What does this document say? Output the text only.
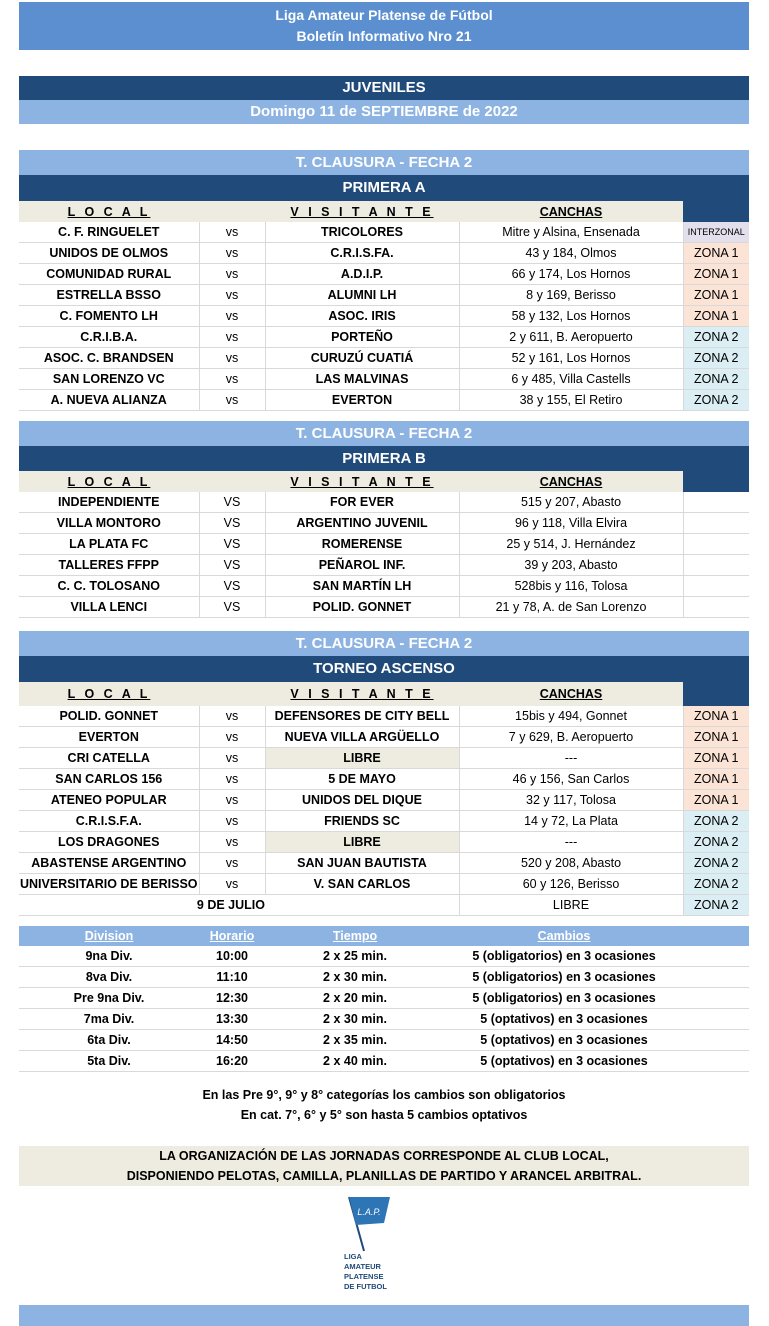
Liga Amateur Platense de Fútbol
Boletín Informativo Nro 21
JUVENILES
Domingo 11 de SEPTIEMBRE de 2022
T. CLAUSURA - FECHA 2
PRIMERA A
L O C A L		V I S I T A N T E	CANCHAS	
C. F. RINGUELET	vs	TRICOLORES	Mitre y Alsina, Ensenada	INTERZONAL
UNIDOS DE OLMOS	vs	C.R.I.S.FA.	43 y 184, Olmos	ZONA 1
COMUNIDAD RURAL	vs	A.D.I.P.	66 y 174, Los Hornos	ZONA 1
ESTRELLA BSSO	vs	ALUMNI LH	8 y 169, Berisso	ZONA 1
C. FOMENTO LH	vs	ASOC. IRIS	58 y 132, Los Hornos	ZONA 1
C.R.I.B.A.	vs	PORTEÑO	2 y 611, B. Aeropuerto	ZONA 2
ASOC. C. BRANDSEN	vs	CURUZÚ CUATIÁ	52 y 161, Los Hornos	ZONA 2
SAN LORENZO VC	vs	LAS MALVINAS	6 y 485, Villa Castells	ZONA 2
A. NUEVA ALIANZA	vs	EVERTON	38 y 155, El Retiro	ZONA 2
T. CLAUSURA - FECHA 2
PRIMERA B
L O C A L		V I S I T A N T E	CANCHAS	
INDEPENDIENTE	VS	FOR EVER	515 y 207, Abasto	
VILLA MONTORO	VS	ARGENTINO JUVENIL	96 y 118, Villa Elvira	
LA PLATA FC	VS	ROMERENSE	25 y 514, J. Hernández	
TALLERES FFPP	VS	PEÑAROL INF.	39 y 203, Abasto	
C. C. TOLOSANO	VS	SAN MARTÍN LH	528bis y 116, Tolosa	
VILLA LENCI	VS	POLID. GONNET	21 y 78, A. de San Lorenzo	
T. CLAUSURA - FECHA 2
TORNEO ASCENSO
L O C A L		V I S I T A N T E	CANCHAS	
POLID. GONNET	vs	DEFENSORES DE CITY BELL	15bis y 494, Gonnet	ZONA 1
EVERTON	vs	NUEVA VILLA ARGÜELLO	7 y 629, B. Aeropuerto	ZONA 1
CRI CATELLA	vs	LIBRE	---	ZONA 1
SAN CARLOS 156	vs	5 DE MAYO	46 y 156, San Carlos	ZONA 1
ATENEO POPULAR	vs	UNIDOS DEL DIQUE	32 y 117, Tolosa	ZONA 1
C.R.I.S.F.A.	vs	FRIENDS SC	14 y 72, La Plata	ZONA 2
LOS DRAGONES	vs	LIBRE	---	ZONA 2
ABASTENSE ARGENTINO	vs	SAN JUAN BAUTISTA	520 y 208, Abasto	ZONA 2
UNIVERSITARIO DE BERISSO	vs	V. SAN CARLOS	60 y 126, Berisso	ZONA 2
9 DE JULIO			LIBRE	ZONA 2
Division	Horario	Tiempo	Cambios	
9na Div.	10:00	2 x 25 min.	5 (obligatorios) en 3 ocasiones	
8va Div.	11:10	2 x 30 min.	5 (obligatorios) en 3 ocasiones	
Pre 9na Div.	12:30	2 x 20 min.	5 (obligatorios) en 3 ocasiones	
7ma Div.	13:30	2 x 30 min.	5 (optativos) en 3 ocasiones	
6ta Div.	14:50	2 x 35 min.	5 (optativos) en 3 ocasiones	
5ta Div.	16:20	2 x 40 min.	5 (optativos) en 3 ocasiones	
En las Pre 9°, 9° y 8° categorías los cambios son obligatorios
En cat. 7°, 6° y 5° son hasta 5 cambios optativos
LA ORGANIZACIÓN DE LAS JORNADAS CORRESPONDE AL CLUB LOCAL,
DISPONIENDO PELOTAS, CAMILLA, PLANILLAS DE PARTIDO Y ARANCEL ARBITRAL.
L.A.P.
LIGA
AMATEUR
PLATENSE
DE FUTBOL
